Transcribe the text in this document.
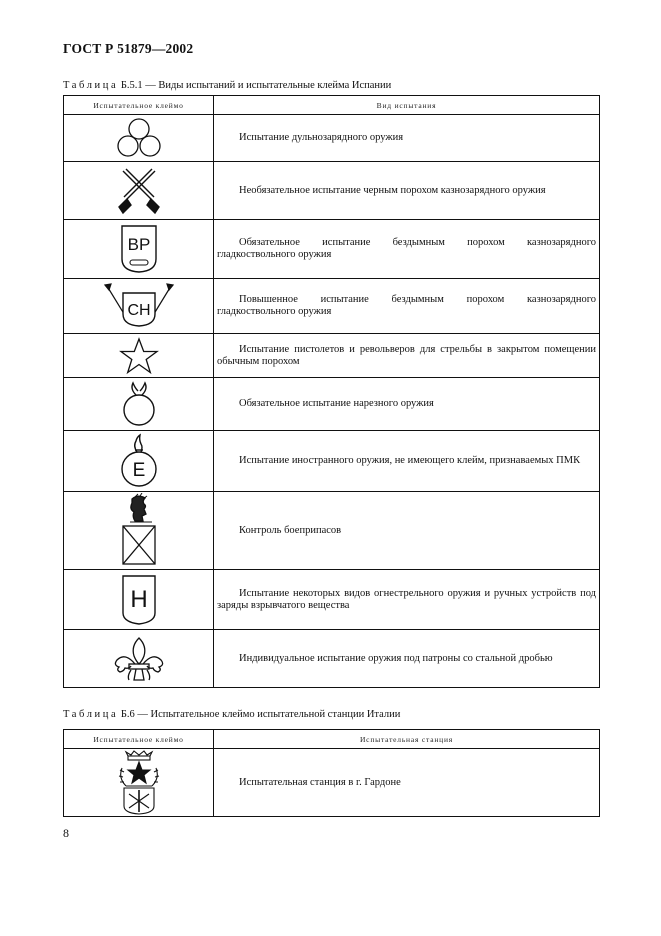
ГОСТ Р 51879—2002
Таблица Б.5.1 — Виды испытаний и испытательные клейма Испании
Испытательное клеймо	Вид испытания

	Испытание дульнозарядного оружия

	Необязательное испытание черным порохом казнозарядного оружия

BP	Обязательное испытание бездымным порохом казнозарядного гладкоствольного оружия

CH	Повышенное испытание бездымным порохом казнозарядного гладкоствольного оружия

	Испытание пистолетов и револьверов для стрельбы в закрытом помещении обычным порохом

	Обязательное испытание нарезного оружия

E	Испытание иностранного оружия, не имеющего клейм, признаваемых ПМК

	Контроль боеприпасов

H	Испытание некоторых видов огнестрельного оружия и ручных устройств под заряды взрывчатого вещества

	Индивидуальное испытание оружия под патроны со стальной дробью
Таблица Б.6 — Испытательное клеймо испытательной станции Италии
Испытательное клеймо	Испытательная станция

	Испытательная станция в г. Гардоне
8
